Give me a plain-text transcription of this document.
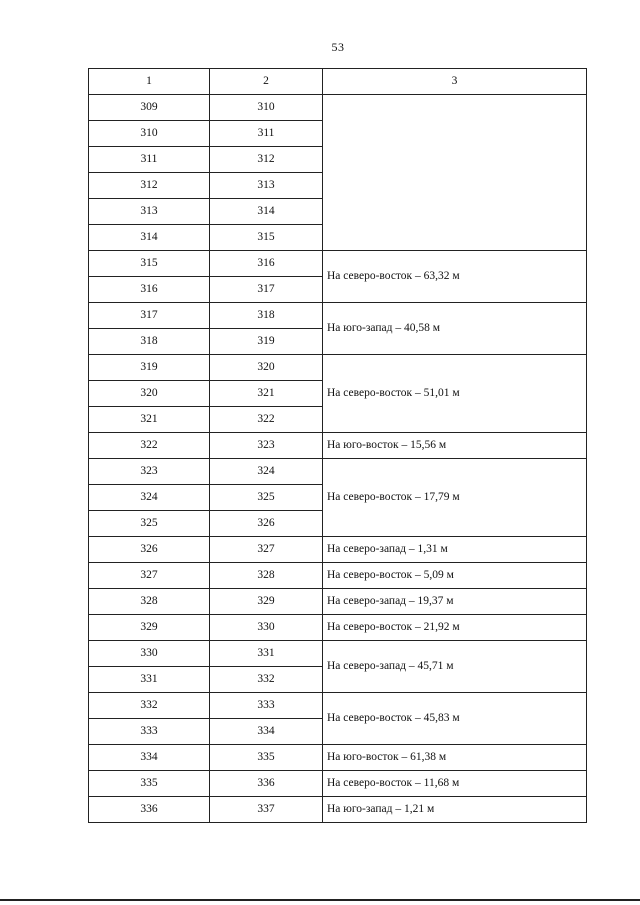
53
1	2	3
309	310	
310	311	
311	312	
312	313	
313	314	
314	315	
315	316	На северо-восток – 63,32 м
316	317	
317	318	На юго-запад – 40,58 м
318	319	
319	320	На северо-восток – 51,01 м
320	321	
321	322	
322	323	На юго-восток – 15,56 м
323	324	На северо-восток – 17,79 м
324	325	
325	326	
326	327	На северо-запад – 1,31 м
327	328	На северо-восток – 5,09 м
328	329	На северо-запад – 19,37 м
329	330	На северо-восток – 21,92 м
330	331	На северо-запад – 45,71 м
331	332	
332	333	На северо-восток – 45,83 м
333	334	
334	335	На юго-восток – 61,38 м
335	336	На северо-восток – 11,68 м
336	337	На юго-запад – 1,21 м
